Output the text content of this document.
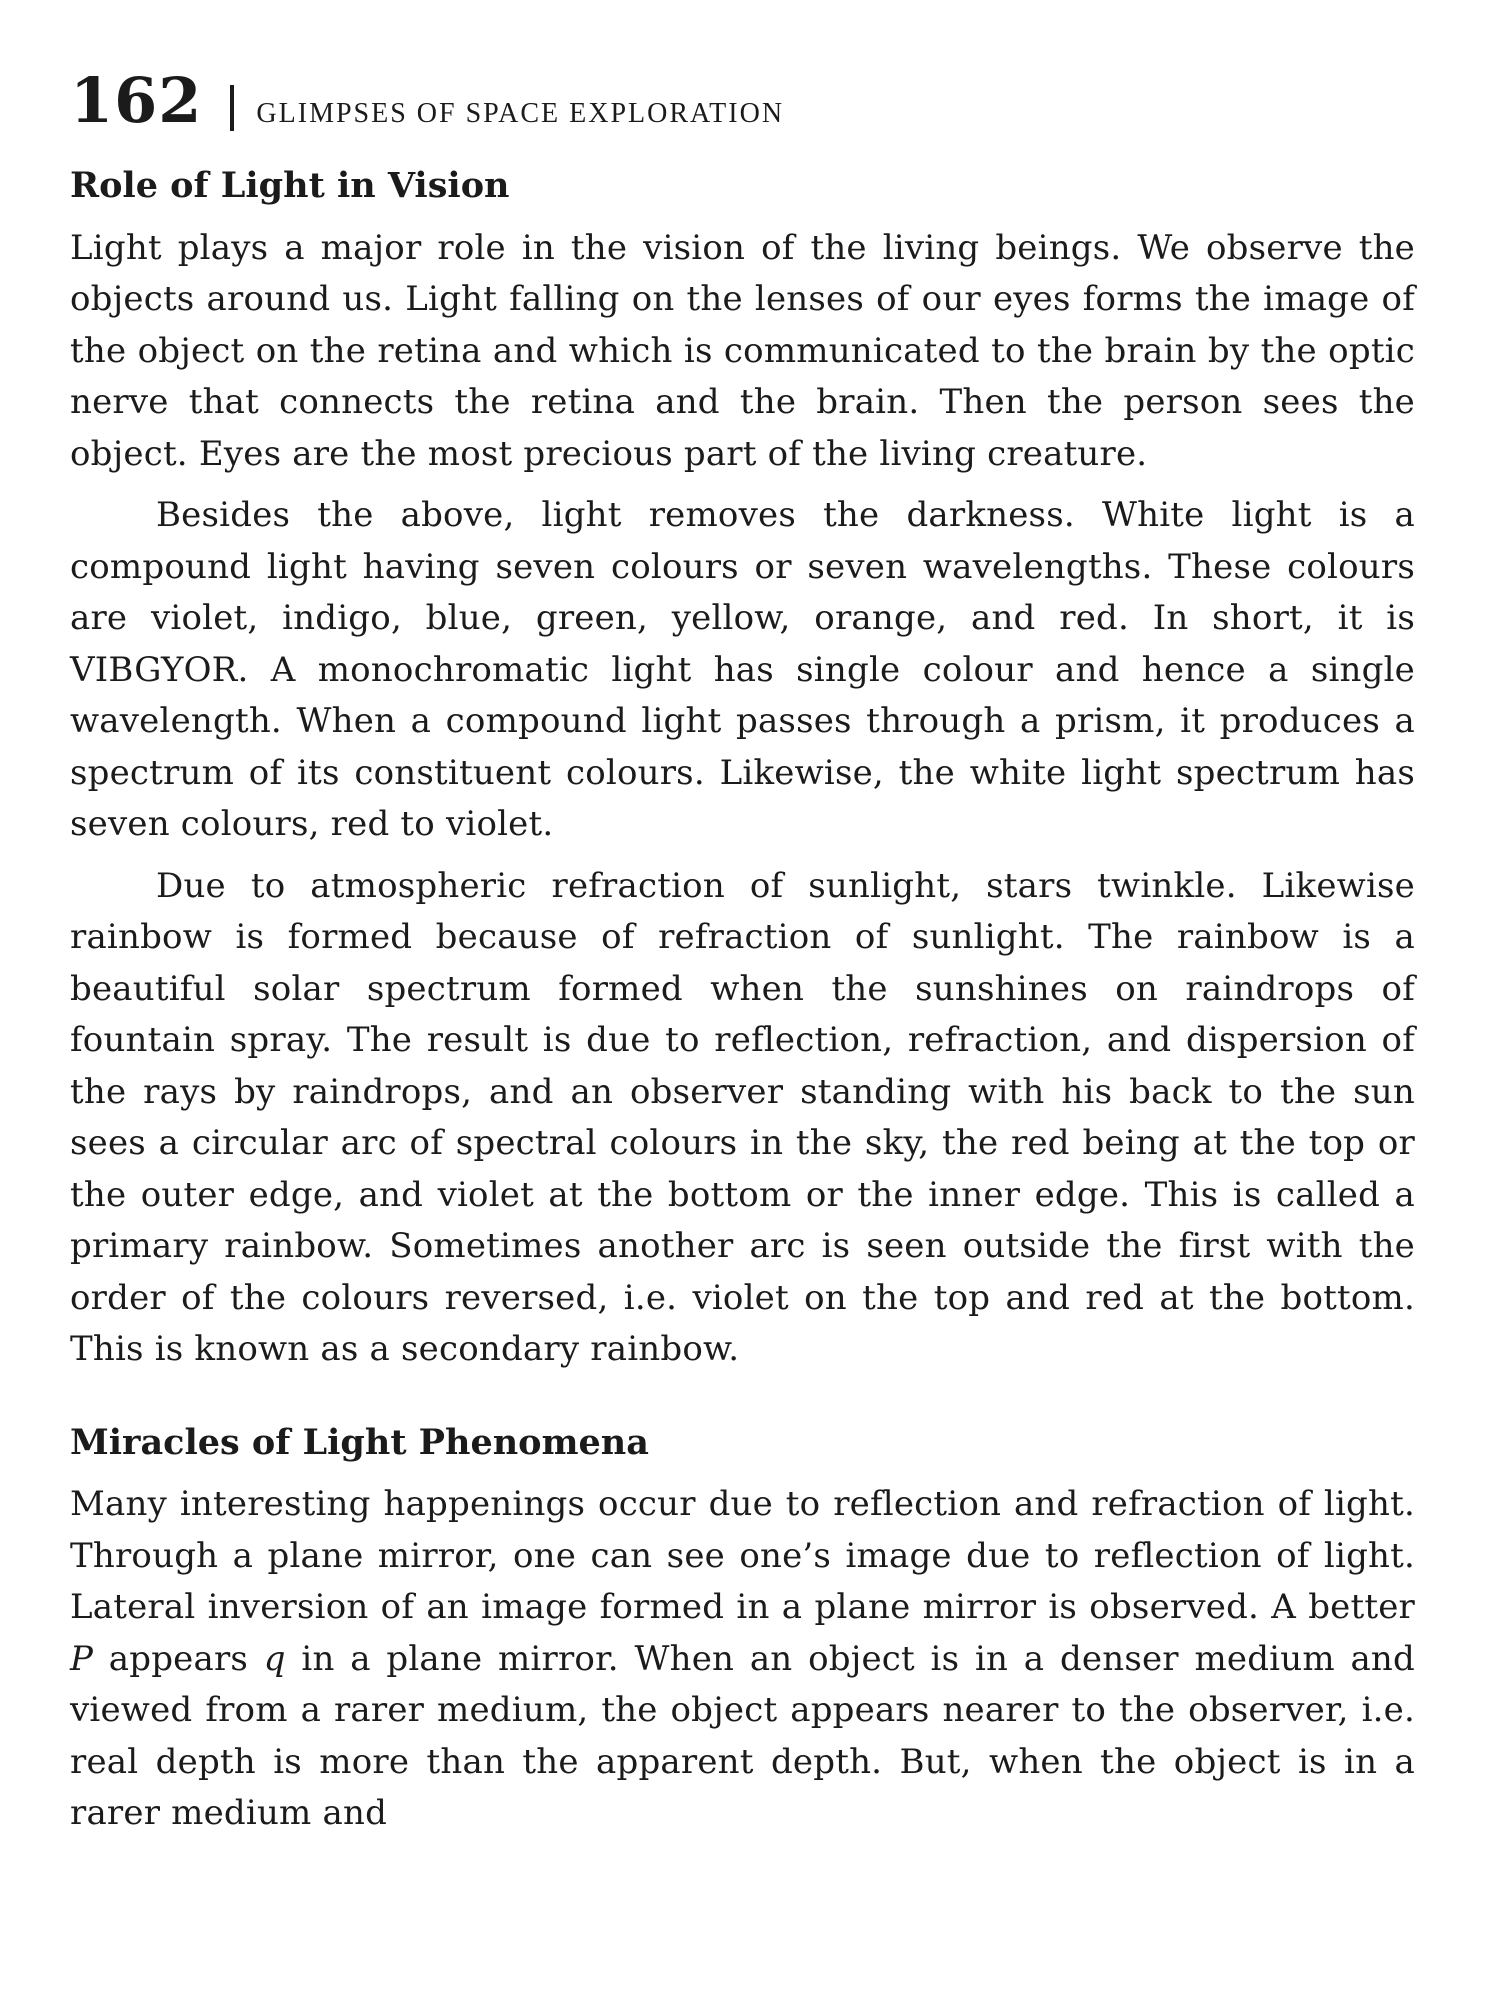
162 GLIMPSES OF SPACE EXPLORATION
Role of Light in Vision

Light plays a major role in the vision of the living beings. We observe the objects around us. Light falling on the lenses of our eyes forms the image of the object on the retina and which is communicated to the brain by the optic nerve that connects the retina and the brain. Then the person sees the object. Eyes are the most precious part of the living creature.

Besides the above, light removes the darkness. White light is a compound light having seven colours or seven wavelengths. These colours are violet, indigo, blue, green, yellow, orange, and red. In short, it is VIBGYOR. A monochromatic light has single colour and hence a single wavelength. When a compound light passes through a prism, it produces a spectrum of its constituent colours. Likewise, the white light spectrum has seven colours, red to violet.

Due to atmospheric refraction of sunlight, stars twinkle. Likewise rainbow is formed because of refraction of sunlight. The rainbow is a beautiful solar spectrum formed when the sunshines on raindrops of fountain spray. The result is due to reflection, refraction, and dispersion of the rays by raindrops, and an observer standing with his back to the sun sees a circular arc of spectral colours in the sky, the red being at the top or the outer edge, and violet at the bottom or the inner edge. This is called a primary rainbow. Sometimes another arc is seen outside the first with the order of the colours reversed, i.e. violet on the top and red at the bottom. This is known as a secondary rainbow.

Miracles of Light Phenomena

Many interesting happenings occur due to reflection and refraction of light. Through a plane mirror, one can see one’s image due to reflection of light. Lateral inversion of an image formed in a plane mirror is observed. A better P appears q in a plane mirror. When an object is in a denser medium and viewed from a rarer medium, the object appears nearer to the observer, i.e. real depth is more than the apparent depth. But, when the object is in a rarer medium and
